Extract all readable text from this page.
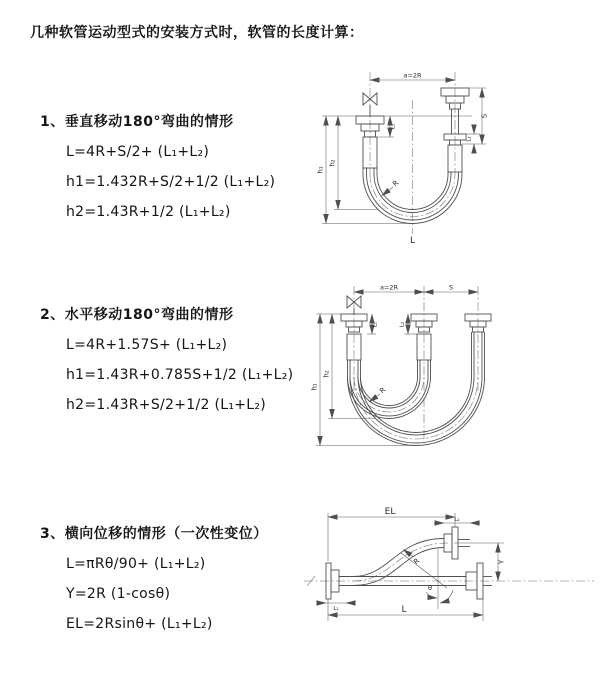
几种软管运动型式的安装方式时，软管的长度计算：
1、垂直移动180°弯曲的情形
L=4R+S/2+ (L₁+L₂)
h1=1.432R+S/2+1/2 (L₁+L₂)
h2=1.43R+1/2 (L₁+L₂)
2、水平移动180°弯曲的情形
L=4R+1.57S+ (L₁+L₂)
h1=1.43R+0.785S+1/2 (L₁+L₂)
h2=1.43R+S/2+1/2 (L₁+L₂)
3、横向位移的情形（一次性变位）
L=πRθ/90+ (L₁+L₂)
Y=2R (1-cosθ)
EL=2Rsinθ+ (L₁+L₂)
a=2R
h₁
h₂
L₁
S
L₂
R
L
a=2R	S
h₁
h₂
L₁	L₂
R
EL
L₂
Y
L
L₁
R
θ
